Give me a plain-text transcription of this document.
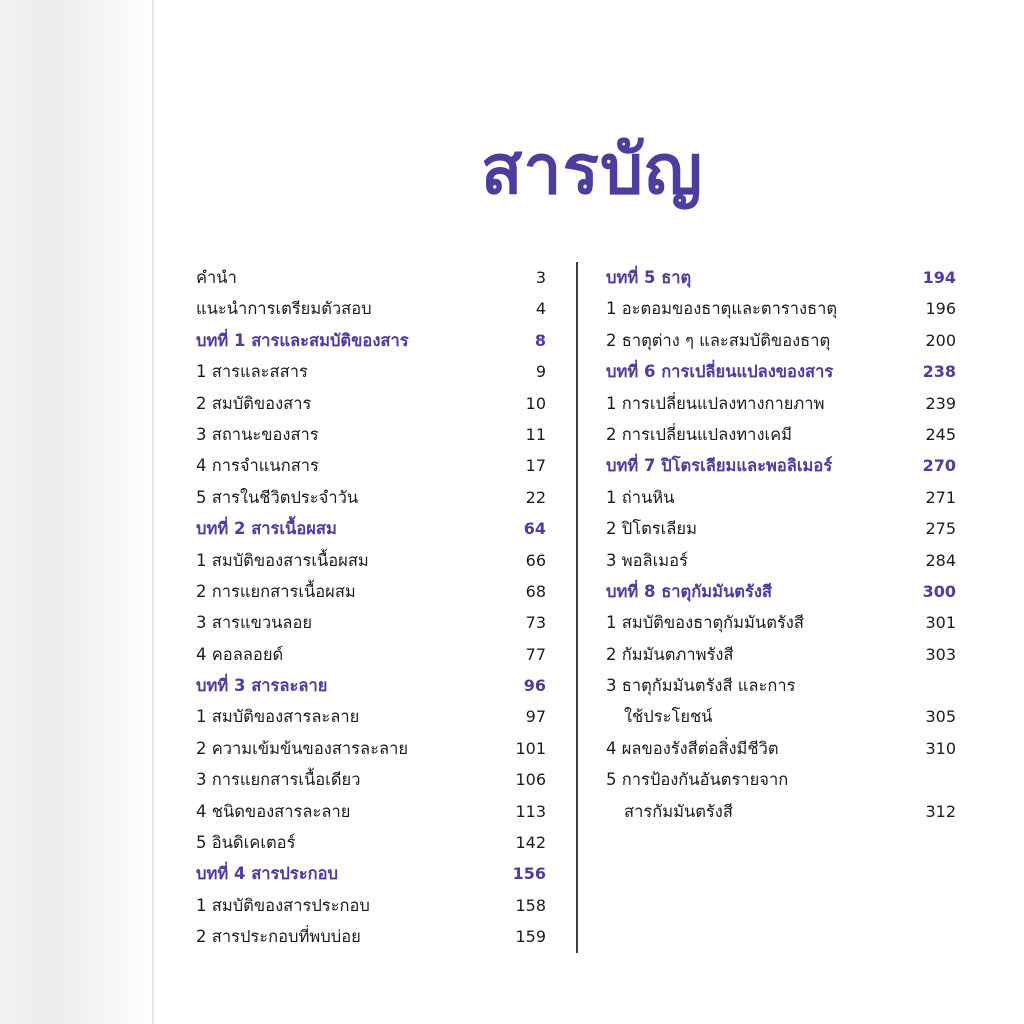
สารบัญ
คำนำ	3
แนะนำการเตรียมตัวสอบ	4
บทที่ 1 สารและสมบัติของสาร	8
1 สารและสสาร	9
2 สมบัติของสาร	10
3 สถานะของสาร	11
4 การจำแนกสาร	17
5 สารในชีวิตประจำวัน	22
บทที่ 2 สารเนื้อผสม	64
1 สมบัติของสารเนื้อผสม	66
2 การแยกสารเนื้อผสม	68
3 สารแขวนลอย	73
4 คอลลอยด์	77
บทที่ 3 สารละลาย	96
1 สมบัติของสารละลาย	97
2 ความเข้มข้นของสารละลาย	101
3 การแยกสารเนื้อเดียว	106
4 ชนิดของสารละลาย	113
5 อินดิเคเตอร์	142
บทที่ 4 สารประกอบ	156
1 สมบัติของสารประกอบ	158
2 สารประกอบที่พบบ่อย	159
บทที่ 5 ธาตุ	194
1 อะตอมของธาตุและตารางธาตุ	196
2 ธาตุต่าง ๆ และสมบัติของธาตุ	200
บทที่ 6 การเปลี่ยนแปลงของสาร	238
1 การเปลี่ยนแปลงทางกายภาพ	239
2 การเปลี่ยนแปลงทางเคมี	245
บทที่ 7 ปิโตรเลียมและพอลิเมอร์	270
1 ถ่านหิน	271
2 ปิโตรเลียม	275
3 พอลิเมอร์	284
บทที่ 8 ธาตุกัมมันตรังสี	300
1 สมบัติของธาตุกัมมันตรังสี	301
2 กัมมันตภาพรังสี	303
3 ธาตุกัมมันตรังสี และการ
ใช้ประโยชน์	305
4 ผลของรังสีต่อสิ่งมีชีวิต	310
5 การป้องกันอันตรายจาก
สารกัมมันตรังสี	312
